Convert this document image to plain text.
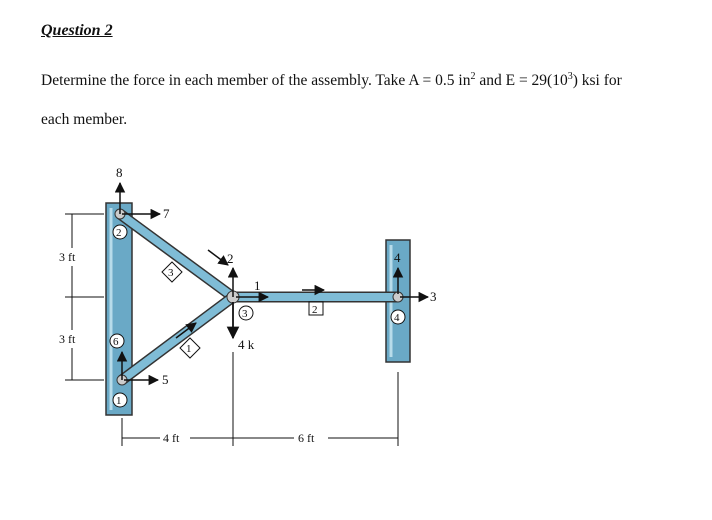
Question 2
Determine the force in each member of the assembly. Take A = 0.5 $in^2$ and $E = 29(10^3)$ ksi for
each member.
8
7
2
1
3
4
5
4 k
1
2
3
1
2
3	4
6
3 ft
3 ft
4 ft	6 ft
